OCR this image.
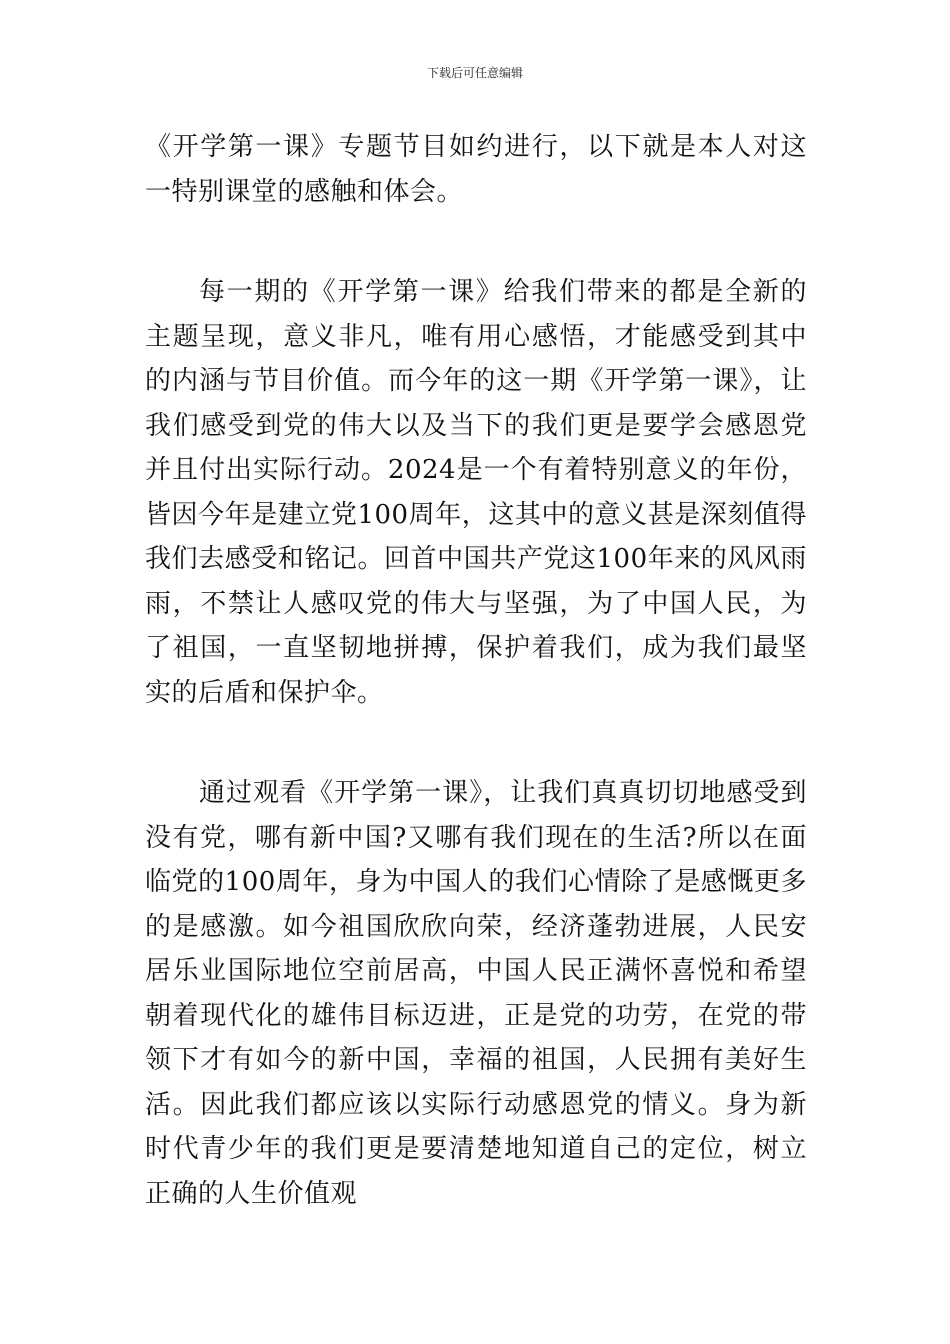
下载后可任意编辑

《开学第一课》专题节目如约进行，以下就是本人对这一特别课堂的感触和体会。

每一期的《开学第一课》给我们带来的都是全新的主题呈现，意义非凡，唯有用心感悟，才能感受到其中的内涵与节目价值。而今年的这一期《开学第一课》，让我们感受到党的伟大以及当下的我们更是要学会感恩党并且付出实际行动。2024是一个有着特别意义的年份，皆因今年是建立党100周年，这其中的意义甚是深刻值得我们去感受和铭记。回首中国共产党这100年来的风风雨雨，不禁让人感叹党的伟大与坚强，为了中国人民，为了祖国，一直坚韧地拼搏，保护着我们，成为我们最坚实的后盾和保护伞。

通过观看《开学第一课》，让我们真真切切地感受到没有党，哪有新中国?又哪有我们现在的生活?所以在面临党的100周年，身为中国人的我们心情除了是感慨更多的是感激。如今祖国欣欣向荣，经济蓬勃进展，人民安居乐业国际地位空前居高，中国人民正满怀喜悦和希望朝着现代化的雄伟目标迈进，正是党的功劳，在党的带领下才有如今的新中国，幸福的祖国，人民拥有美好生活。因此我们都应该以实际行动感恩党的情义。身为新时代青少年的我们更是要清楚地知道自己的定位，树立正确的人生价值观
